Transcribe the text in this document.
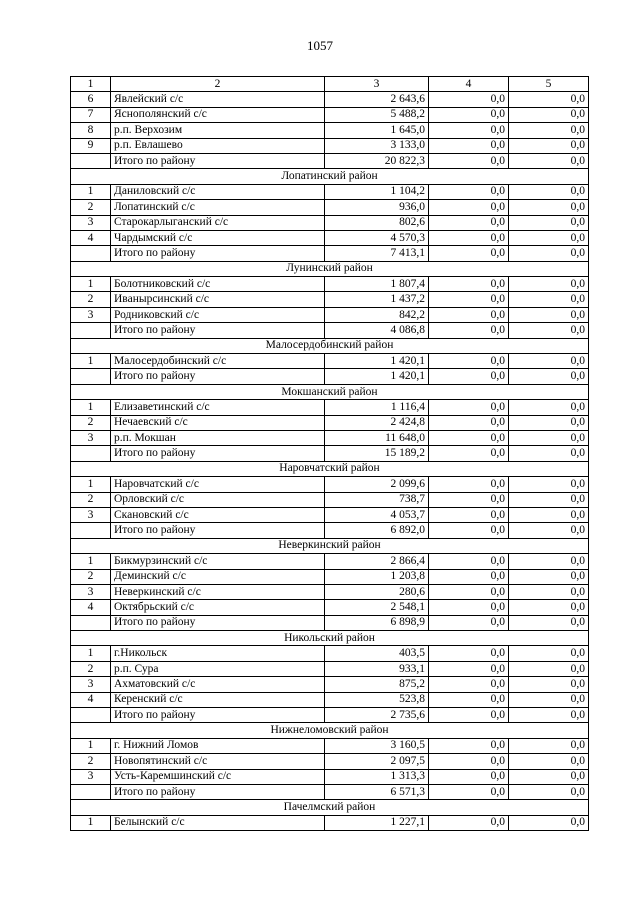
1057
1	2	3	4	5
6	Явлейский с/с	2 643,6	0,0	0,0
7	Яснополянский с/с	5 488,2	0,0	0,0
8	р.п. Верхозим	1 645,0	0,0	0,0
9	р.п. Евлашево	3 133,0	0,0	0,0
	Итого по району	20 822,3	0,0	0,0
Лопатинский район				
1	Даниловский с/с	1 104,2	0,0	0,0
2	Лопатинский с/с	936,0	0,0	0,0
3	Старокарлыганский с/с	802,6	0,0	0,0
4	Чардымский с/с	4 570,3	0,0	0,0
	Итого по району	7 413,1	0,0	0,0
Лунинский район				
1	Болотниковский с/с	1 807,4	0,0	0,0
2	Иванырсинский с/с	1 437,2	0,0	0,0
3	Родниковский с/с	842,2	0,0	0,0
	Итого по району	4 086,8	0,0	0,0
Малосердобинский район				
1	Малосердобинский с/с	1 420,1	0,0	0,0
	Итого по району	1 420,1	0,0	0,0
Мокшанский район				
1	Елизаветинский с/с	1 116,4	0,0	0,0
2	Нечаевский с/с	2 424,8	0,0	0,0
3	р.п. Мокшан	11 648,0	0,0	0,0
	Итого по району	15 189,2	0,0	0,0
Наровчатский район				
1	Наровчатский с/с	2 099,6	0,0	0,0
2	Орловский с/с	738,7	0,0	0,0
3	Скановский с/с	4 053,7	0,0	0,0
	Итого по району	6 892,0	0,0	0,0
Неверкинский район				
1	Бикмурзинский с/с	2 866,4	0,0	0,0
2	Деминский с/с	1 203,8	0,0	0,0
3	Неверкинский с/с	280,6	0,0	0,0
4	Октябрьский с/с	2 548,1	0,0	0,0
	Итого по району	6 898,9	0,0	0,0
Никольский район				
1	г.Никольск	403,5	0,0	0,0
2	р.п. Сура	933,1	0,0	0,0
3	Ахматовский с/с	875,2	0,0	0,0
4	Керенский с/с	523,8	0,0	0,0
	Итого по району	2 735,6	0,0	0,0
Нижнеломовский район				
1	г. Нижний Ломов	3 160,5	0,0	0,0
2	Новопятинский с/с	2 097,5	0,0	0,0
3	Усть-Каремшинский с/с	1 313,3	0,0	0,0
	Итого по району	6 571,3	0,0	0,0
Пачелмский район				
1	Белынский с/с	1 227,1	0,0	0,0
